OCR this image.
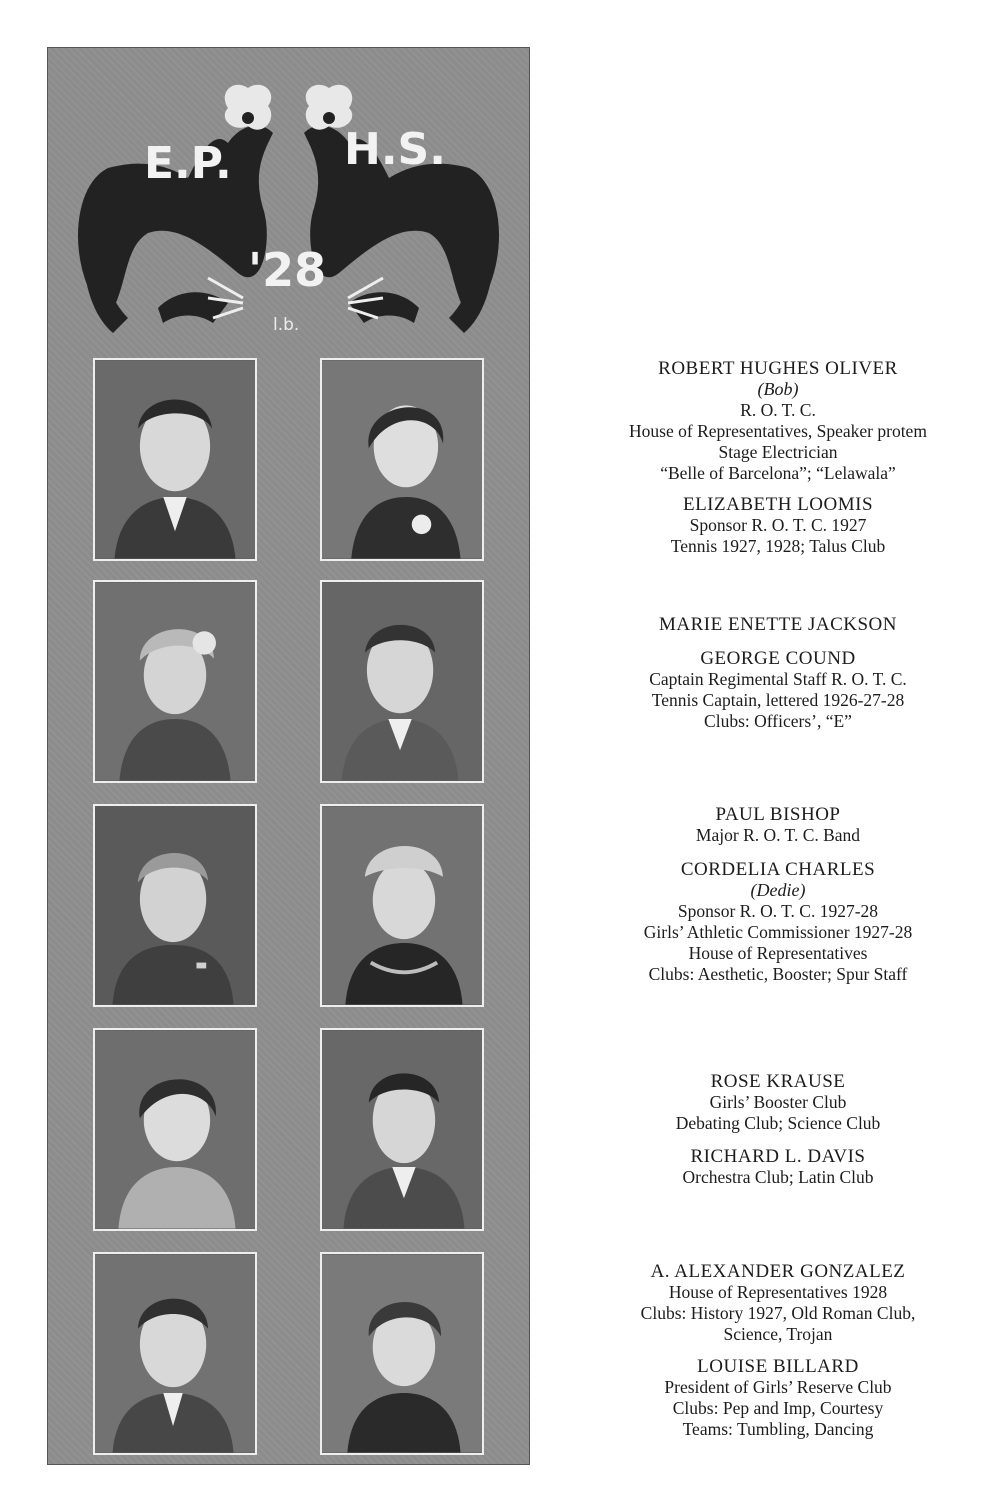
E.P.	H.S.
'28
l.b.
ROBERT HUGHES OLIVER
(Bob)
R. O. T. C.
House of Representatives, Speaker protem
Stage Electrician
“Belle of Barcelona”; “Lelawala”
ELIZABETH LOOMIS
Sponsor R. O. T. C. 1927
Tennis 1927, 1928; Talus Club
MARIE ENETTE JACKSON
GEORGE COUND
Captain Regimental Staff R. O. T. C.
Tennis Captain, lettered 1926-27-28
Clubs: Officers’, “E”
PAUL BISHOP
Major R. O. T. C. Band
CORDELIA CHARLES
(Dedie)
Sponsor R. O. T. C. 1927-28
Girls’ Athletic Commissioner 1927-28
House of Representatives
Clubs: Aesthetic, Booster; Spur Staff
ROSE KRAUSE
Girls’ Booster Club
Debating Club; Science Club
RICHARD L. DAVIS
Orchestra Club; Latin Club
A. ALEXANDER GONZALEZ
House of Representatives 1928
Clubs: History 1927, Old Roman Club,
Science, Trojan
LOUISE BILLARD
President of Girls’ Reserve Club
Clubs: Pep and Imp, Courtesy
Teams: Tumbling, Dancing
